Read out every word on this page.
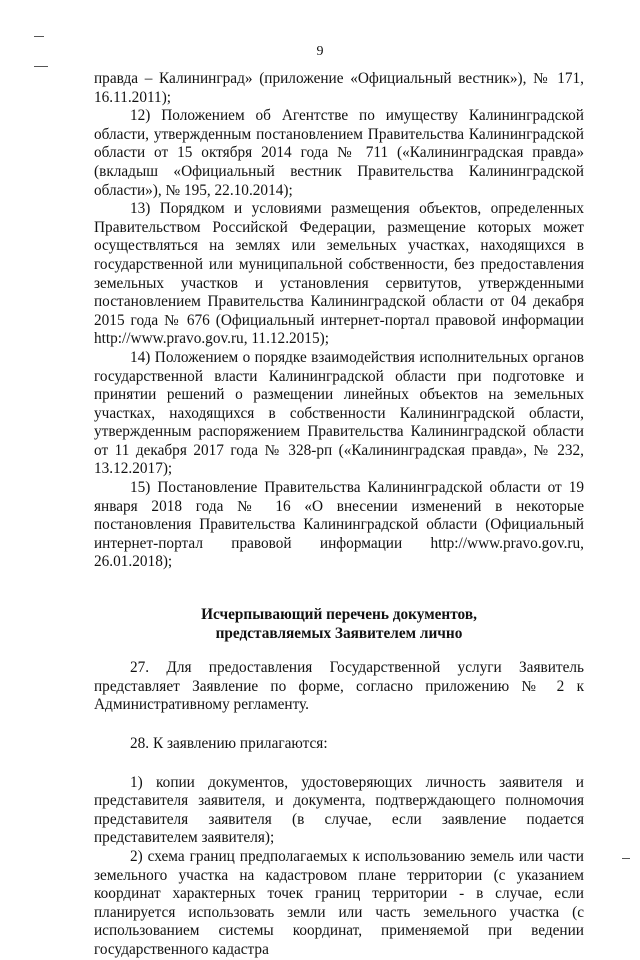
9

правда – Калининград» (приложение «Официальный вестник»), № 171, 16.11.2011);

12) Положением об Агентстве по имуществу Калининградской области, утвержденным постановлением Правительства Калининградской области от 15 октября 2014 года № 711 («Калининградская правда» (вкладыш «Официальный вестник Правительства Калининградской области»), № 195, 22.10.2014);

13) Порядком и условиями размещения объектов, определенных Правительством Российской Федерации, размещение которых может осуществляться на землях или земельных участках, находящихся в государственной или муниципальной собственности, без предоставления земельных участков и установления сервитутов, утвержденными постановлением Правительства Калининградской области от 04 декабря 2015 года № 676 (Официальный интернет-портал правовой информации http://www.pravo.gov.ru, 11.12.2015);

14) Положением о порядке взаимодействия исполнительных органов государственной власти Калининградской области при подготовке и принятии решений о размещении линейных объектов на земельных участках, находящихся в собственности Калининградской области, утвержденным распоряжением Правительства Калининградской области от 11 декабря 2017 года № 328-рп («Калининградская правда», № 232, 13.12.2017);

15) Постановление Правительства Калининградской области от 19 января 2018 года № 16 «О внесении изменений в некоторые постановления Правительства Калининградской области (Официальный интернет-портал правовой информации http://www.pravo.gov.ru, 26.01.2018);

Исчерпывающий перечень документов,
представляемых Заявителем лично

27. Для предоставления Государственной услуги Заявитель представляет Заявление по форме, согласно приложению № 2 к Административному регламенту.

28. К заявлению прилагаются:

1) копии документов, удостоверяющих личность заявителя и представителя заявителя, и документа, подтверждающего полномочия представителя заявителя (в случае, если заявление подается представителем заявителя);

2) схема границ предполагаемых к использованию земель или части земельного участка на кадастровом плане территории (с указанием координат характерных точек границ территории - в случае, если планируется использовать земли или часть земельного участка (с использованием системы координат, применяемой при ведении государственного кадастра
